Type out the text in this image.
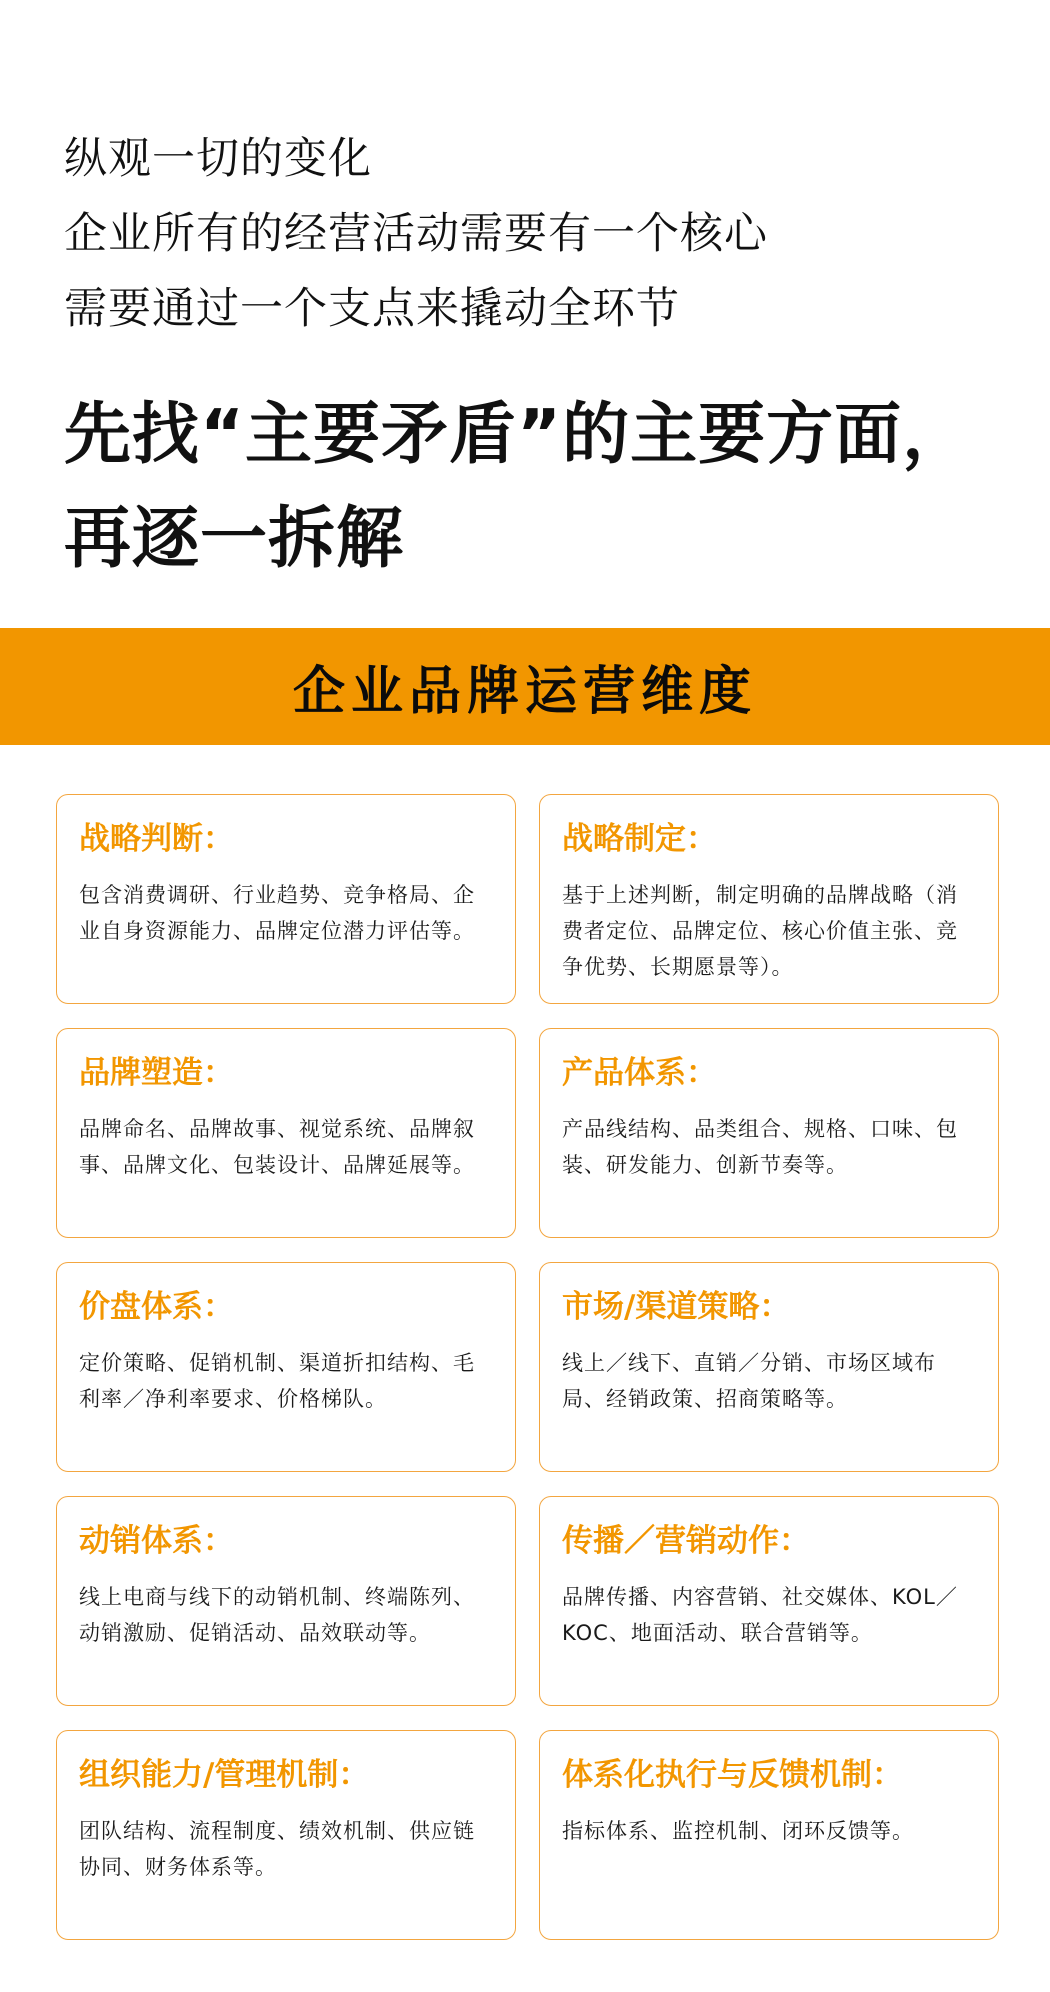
纵观一切的变化
企业所有的经营活动需要有一个核心
需要通过一个支点来撬动全环节
先找“主要矛盾”的主要方面，
再逐一拆解
企业品牌运营维度
战略判断：
包含消费调研、行业趋势、竞争格局、企业自身资源能力、品牌定位潜力评估等。
战略制定：
基于上述判断，制定明确的品牌战略（消费者定位、品牌定位、核心价值主张、竞争优势、长期愿景等）。
品牌塑造：
品牌命名、品牌故事、视觉系统、品牌叙事、品牌文化、包装设计、品牌延展等。
产品体系：
产品线结构、品类组合、规格、口味、包装、研发能力、创新节奏等。
价盘体系：
定价策略、促销机制、渠道折扣结构、毛利率／净利率要求、价格梯队。
市场/渠道策略：
线上／线下、直销／分销、市场区域布局、经销政策、招商策略等。
动销体系：
线上电商与线下的动销机制、终端陈列、动销激励、促销活动、品效联动等。
传播／营销动作：
品牌传播、内容营销、社交媒体、KOL／KOC、地面活动、联合营销等。
组织能力/管理机制：
团队结构、流程制度、绩效机制、供应链协同、财务体系等。
体系化执行与反馈机制：
指标体系、监控机制、闭环反馈等。
